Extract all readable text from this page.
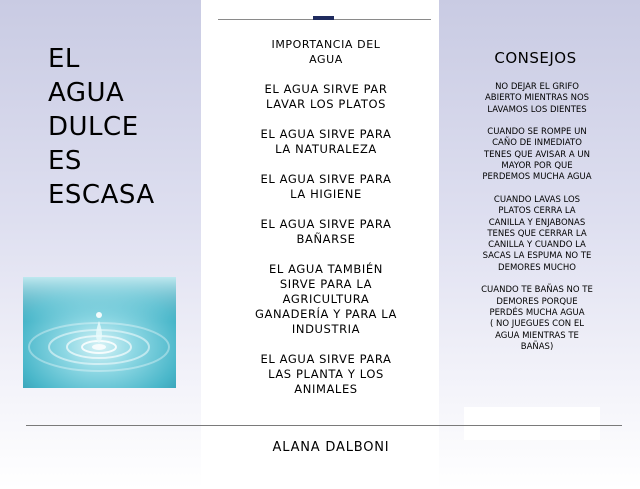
EL
AGUA
DULCE
ES
ESCASA
IMPORTANCIA DEL
AGUA
EL AGUA SIRVE PAR
LAVAR LOS PLATOS
EL AGUA SIRVE PARA
LA NATURALEZA
EL AGUA SIRVE PARA
LA HIGIENE
EL AGUA SIRVE PARA
BAÑARSE
EL AGUA TAMBIÉN
SIRVE PARA LA
AGRICULTURA
GANADERÍA Y PARA LA
INDUSTRIA
EL AGUA SIRVE PARA
LAS PLANTA Y LOS
ANIMALES
CONSEJOS
NO DEJAR EL GRIFO
ABIERTO MIENTRAS NOS
LAVAMOS LOS DIENTES
CUANDO SE ROMPE UN
CAÑO DE INMEDIATO
TENES QUE AVISAR A UN
MAYOR POR QUE
PERDEMOS MUCHA AGUA
CUANDO LAVAS LOS
PLATOS CERRA LA
CANILLA Y ENJABONAS
TENES QUE CERRAR LA
CANILLA Y CUANDO LA
SACAS LA ESPUMA NO TE
DEMORES MUCHO
CUANDO TE BAÑAS NO TE
DEMORES PORQUE
PERDÉS MUCHA AGUA
( NO JUEGUES CON EL
AGUA MIENTRAS TE
BAÑAS)
ALANA DALBONI
